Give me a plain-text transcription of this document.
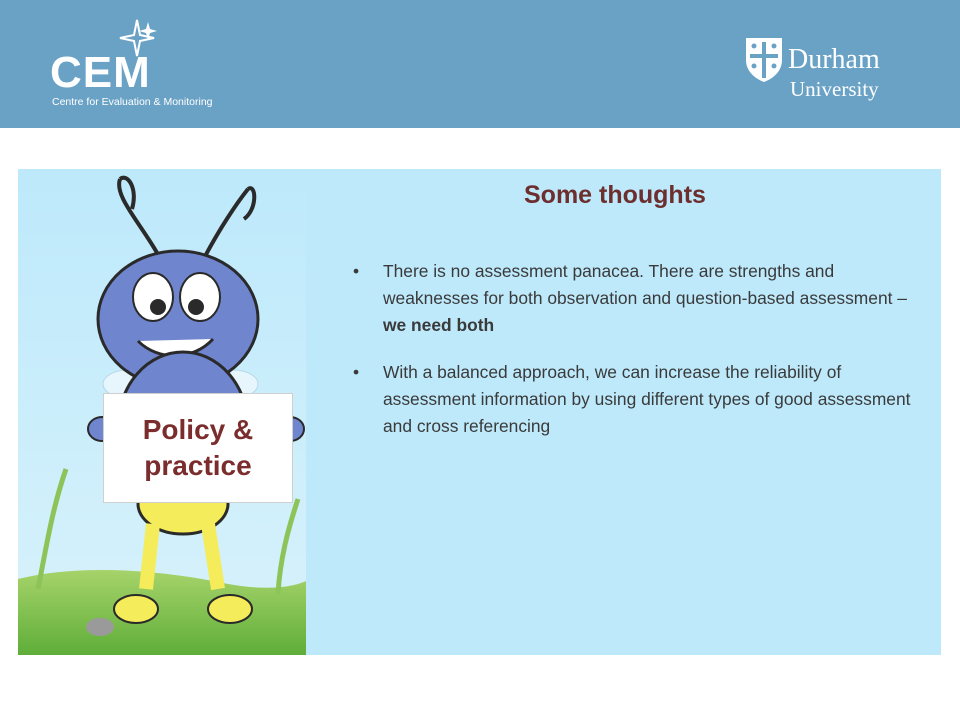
CEM
Centre for Evaluation & Monitoring
Durham
University
Policy &
practice
Some thoughts
• There is no assessment panacea. There are strengths and weaknesses for both observation and question-based assessment – we need both
• With a balanced approach, we can increase the reliability of assessment information by using different types of good assessment and cross referencing
